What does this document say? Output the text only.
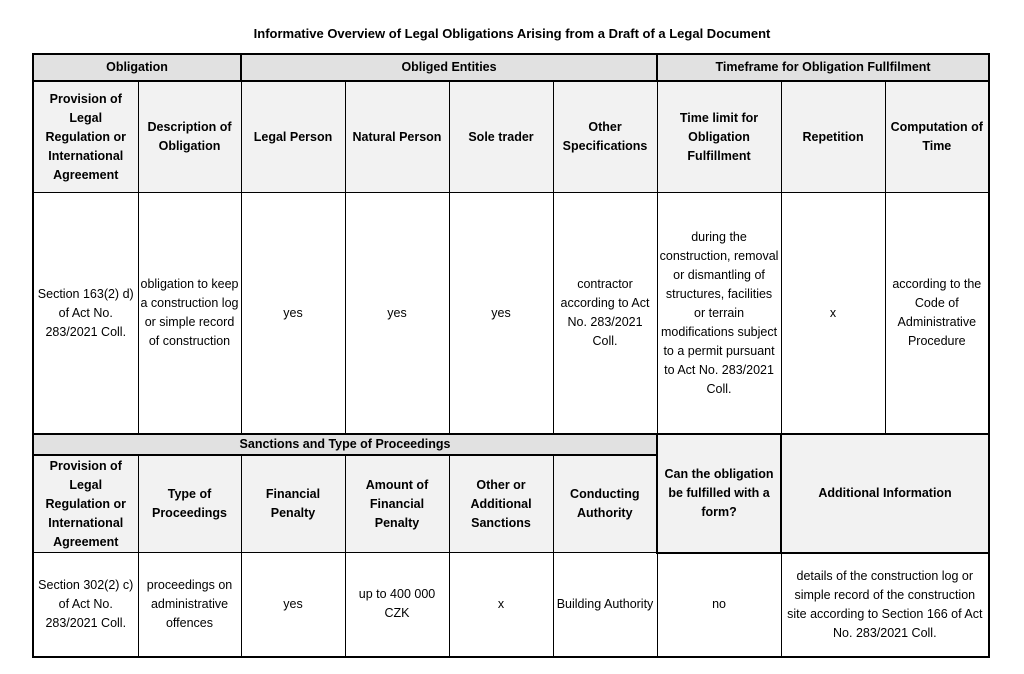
Informative Overview of Legal Obligations Arising from a Draft of a Legal Document
Obligation		Obliged Entities				Timeframe for Obligation Fullfilment		
Provision of Legal Regulation or International Agreement	Description of Obligation	Legal Person	Natural Person	Sole trader	Other Specifications	Time limit for Obligation Fulfillment	Repetition	Computation of Time
Section 163(2) d) of Act No. 283/2021 Coll.	obligation to keep a construction log or simple record of construction	yes	yes	yes	contractor according to Act No. 283/2021 Coll.	during the construction, removal or dismantling of structures, facilities or terrain modifications subject to a permit pursuant to Act No. 283/2021 Coll.	x	according to the Code of Administrative Procedure
Sanctions and Type of Proceedings						Can the obligation be fulfilled with a form?	Additional Information	
Provision of Legal Regulation or International Agreement	Type of Proceedings	Financial Penalty	Amount of Financial Penalty	Other or Additional Sanctions	Conducting Authority			
Section 302(2) c) of Act No. 283/2021 Coll.	proceedings on administrative offences	yes	up to 400 000 CZK	x	Building Authority	no	details of the construction log or simple record of the construction site according to Section 166 of Act No. 283/2021 Coll.	
